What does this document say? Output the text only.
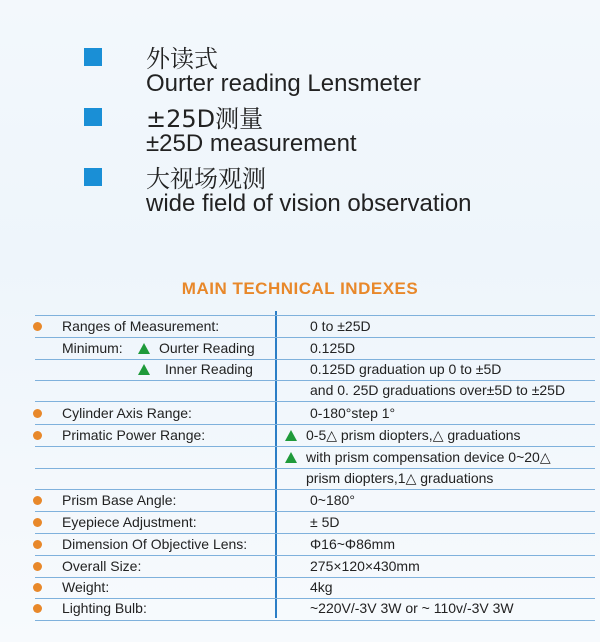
外读式
Ourter reading Lensmeter
±25D测量
±25D measurement
大视场观测
wide field of vision observation
MAIN TECHNICAL INDEXES
Ranges of Measurement:	0 to ±25D
Minimum:	Ourter Reading	0.125D
Inner Reading	0.125D graduation up 0 to ±5D
and 0. 25D graduations over±5D to ±25D
Cylinder Axis Range:	0-180°step 1°
Primatic Power Range:	0-5△ prism diopters,△ graduations
with prism compensation device 0~20△
prism diopters,1△ graduations
Prism Base Angle:	0~180°
Eyepiece Adjustment:	± 5D
Dimension Of Objective Lens:	Φ16~Φ86mm
Overall Size:	275×120×430mm
Weight:	4kg
Lighting Bulb:	~220V/-3V 3W or ~ 110v/-3V 3W
